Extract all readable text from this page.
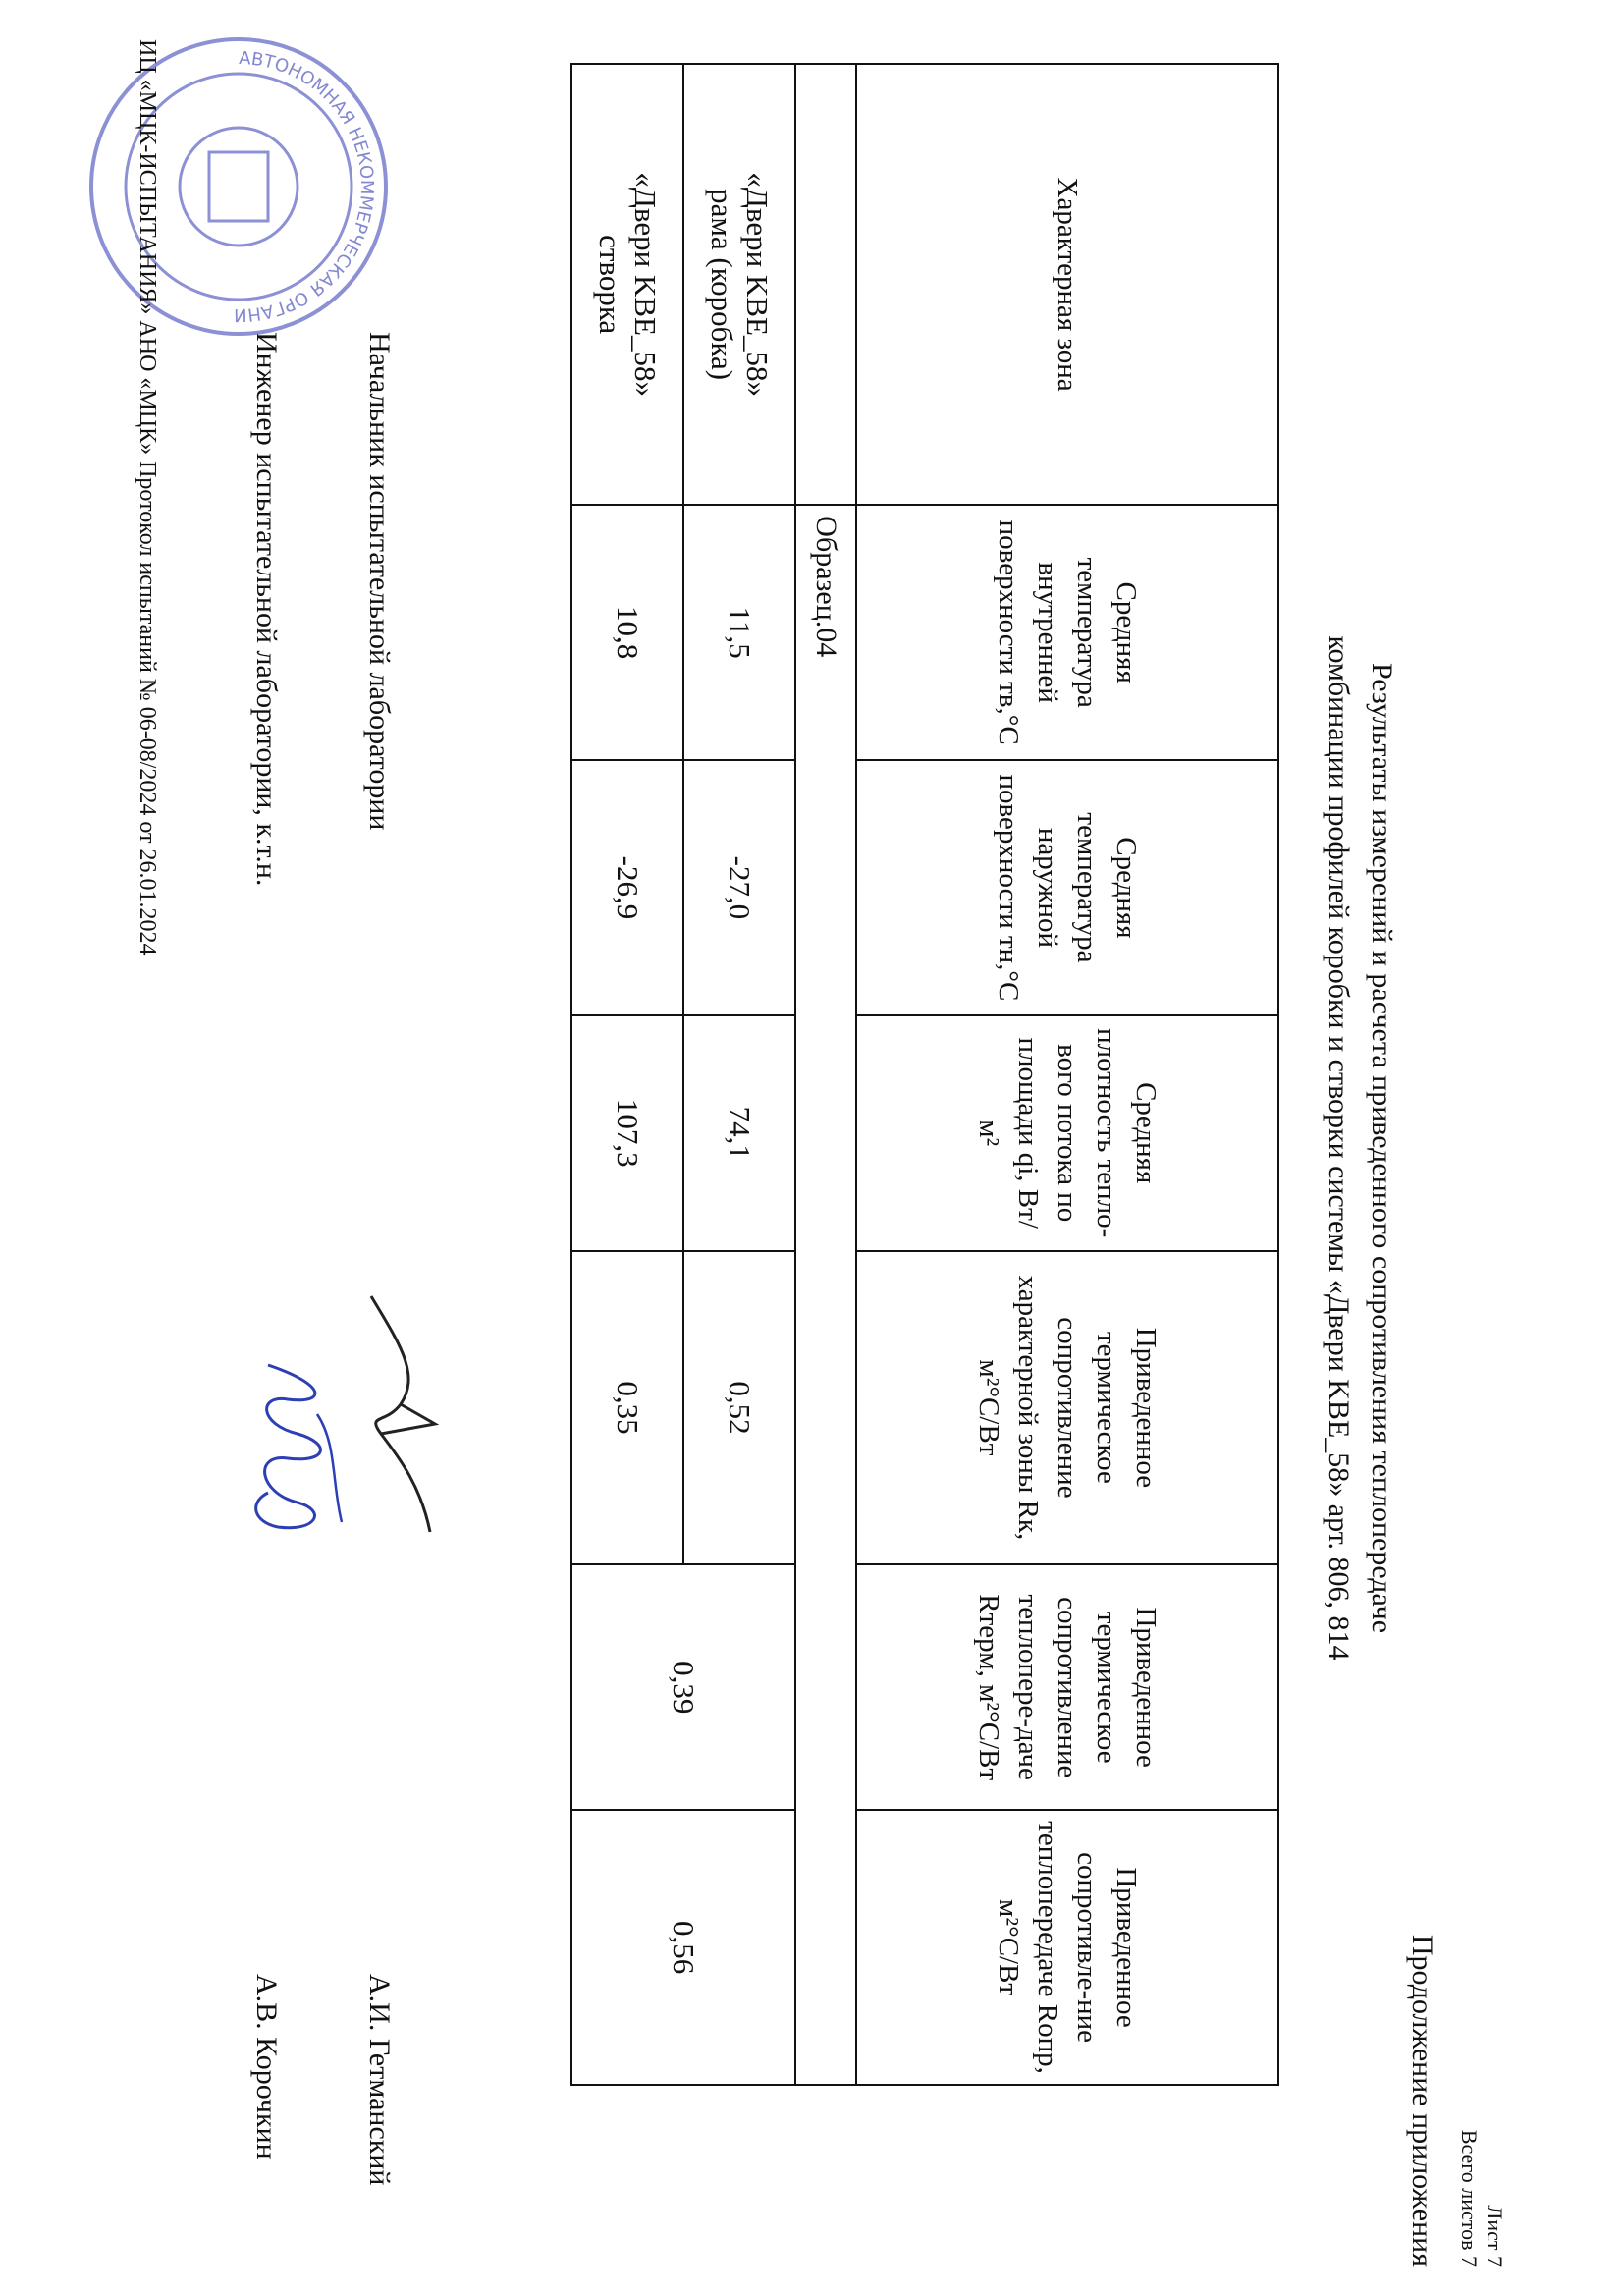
Лист 7
Всего листов 7
Продолжение приложения
Результаты измерений и расчета приведенного сопротивления теплопередаче
комбинации профилей коробки и створки системы «Двери KBE_58» арт. 806, 814
Характерная зона	Средняя температура внутренней поверхности тв,°С	Средняя температура наружной поверхности тн,°С	Средняя плотность тепло-вого потока по площади qi, Вт/м²	Приведенное термическое сопротивление характерной зоны Rк, м²°С/Вт	Приведенное термическое сопротивление теплопере-даче Rтерм, м²°С/Вт	Приведенное сопротивле-ние теплопередаче Rопр, м²°С/Вт
	Образец.04					

«Двери KBE_58»
рама (коробка)	11,5	-27,0	74,1	0,52	0,39	0,56

«Двери KBE_58»
створка	10,8	-26,9	107,3	0,35		
Начальник испытательной лаборатории
А.И. Гетманский
Инженер испытательной лаборатории, к.т.н.
А.В. Корочкин
АВТОНОМНАЯ НЕКОММЕРЧЕСКАЯ ОРГАНИЗАЦИЯ
ИЦ «МЦК-ИСПЫТАНИЯ» АНО «МЦК» Протокол испытаний № 06-08/2024 от 26.01.2024
